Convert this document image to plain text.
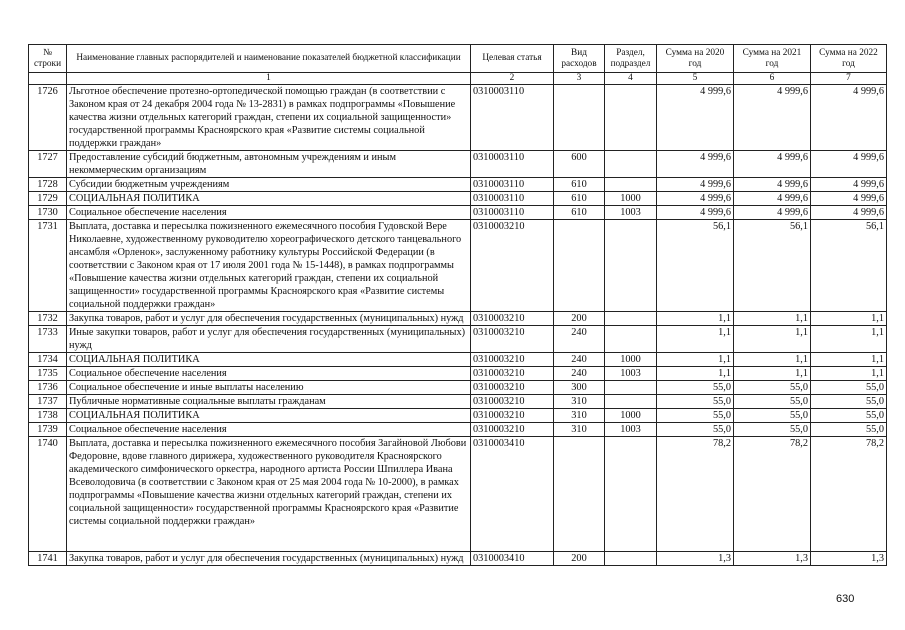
№ строки	Наименование главных распорядителей и наименование показателей бюджетной классификации	Целевая статья	Вид расходов	Раздел, подраздел	Сумма на 2020 год	Сумма на 2021 год	Сумма на 2022 год
	1	2	3	4	5	6	7
1726	Льготное обеспечение протезно-ортопедической помощью граждан (в соответствии с Законом края от 24 декабря 2004 года № 13-2831) в рамках подпрограммы «Повышение качества жизни отдельных категорий граждан, степени их социальной защищенности» государственной программы Красноярского края «Развитие системы социальной поддержки граждан»	0310003110			4 999,6	4 999,6	4 999,6
1727	Предоставление субсидий бюджетным, автономным учреждениям и иным некоммерческим организациям	0310003110	600		4 999,6	4 999,6	4 999,6
1728	Субсидии бюджетным учреждениям	0310003110	610		4 999,6	4 999,6	4 999,6
1729	СОЦИАЛЬНАЯ ПОЛИТИКА	0310003110	610	1000	4 999,6	4 999,6	4 999,6
1730	Социальное обеспечение населения	0310003110	610	1003	4 999,6	4 999,6	4 999,6
1731	Выплата, доставка и пересылка пожизненного ежемесячного пособия Гудовской Вере Николаевне, художественному руководителю хореографического детского танцевального ансамбля «Орленок», заслуженному работнику культуры Российской Федерации (в соответствии с Законом края от 17 июля 2001 года № 15-1448), в рамках подпрограммы «Повышение качества жизни отдельных категорий граждан, степени их социальной защищенности» государственной программы Красноярского края «Развитие системы социальной поддержки граждан»	0310003210			56,1	56,1	56,1
1732	Закупка товаров, работ и услуг для обеспечения государственных (муниципальных) нужд	0310003210	200		1,1	1,1	1,1
1733	Иные закупки товаров, работ и услуг для обеспечения государственных (муниципальных) нужд	0310003210	240		1,1	1,1	1,1
1734	СОЦИАЛЬНАЯ ПОЛИТИКА	0310003210	240	1000	1,1	1,1	1,1
1735	Социальное обеспечение населения	0310003210	240	1003	1,1	1,1	1,1
1736	Социальное обеспечение и иные выплаты населению	0310003210	300		55,0	55,0	55,0
1737	Публичные нормативные социальные выплаты гражданам	0310003210	310		55,0	55,0	55,0
1738	СОЦИАЛЬНАЯ ПОЛИТИКА	0310003210	310	1000	55,0	55,0	55,0
1739	Социальное обеспечение населения	0310003210	310	1003	55,0	55,0	55,0
1740	Выплата, доставка и пересылка пожизненного ежемесячного пособия Загайновой Любови Федоровне, вдове главного дирижера, художественного руководителя Красноярского академического симфонического оркестра, народного артиста России Шпиллера Ивана Всеволодовича (в соответствии с Законом края от 25 мая 2004 года № 10-2000), в рамках подпрограммы «Повышение качества жизни отдельных категорий граждан, степени их социальной защищенности» государственной программы Красноярского края «Развитие системы социальной поддержки граждан»	0310003410			78,2	78,2	78,2
1741	Закупка товаров, работ и услуг для обеспечения государственных (муниципальных) нужд	0310003410	200		1,3	1,3	1,3
630
